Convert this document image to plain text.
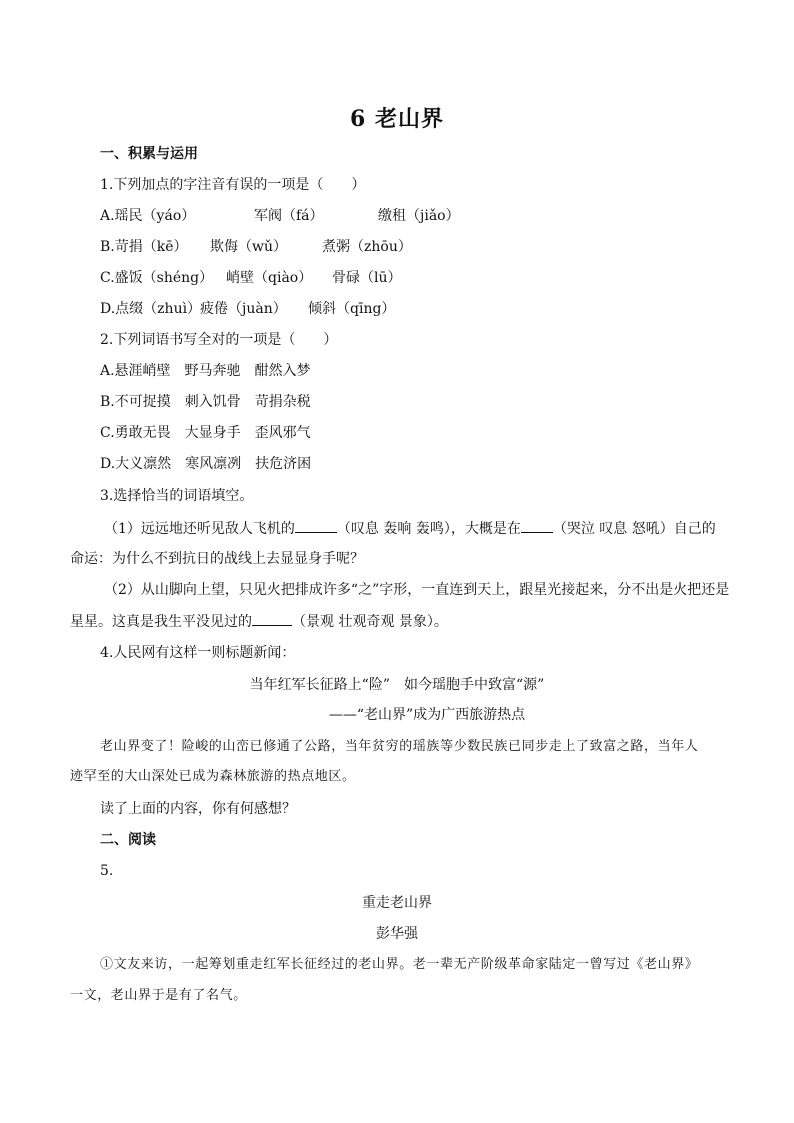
6 老山界
一、积累与运用
1.下列加点的字注音有误的一项是（　　）
A.瑶民（yáo）	军阀（fá）	缴租（jiǎo）
B.苛捐（kē） 欺侮（wǔ）	煮粥（zhōu）
C.盛饭（shéng） 峭壁（qiào） 骨碌（lū）
D.点缀（zhuì）疲倦（juàn） 倾斜（qīng）
2.下列词语书写全对的一项是（　　）
A.悬涯峭壁　野马奔驰　酣然入梦
B.不可捉摸　刺入饥骨　苛捐杂税
C.勇敢无畏　大显身手　歪风邪气
D.大义凛然　寒风凛冽　扶危济困
3.选择恰当的词语填空。
（1）远远地还听见敌人飞机的	（叹息 轰响 轰鸣），大概是在 （哭泣 叹息 怒吼）自己的
命运：为什么不到抗日的战线上去显显身手呢？
（2）从山脚向上望，只见火把排成许多“之”字形，一直连到天上，跟星光接起来，分不出是火把还是
星星。这真是我生平没见过的	（景观 壮观奇观 景象）。
4.人民网有这样一则标题新闻：
当年红军长征路上“险”　如今瑶胞手中致富“源”
——“老山界”成为广西旅游热点
老山界变了！险峻的山峦已修通了公路，当年贫穷的瑶族等少数民族已同步走上了致富之路，当年人
迹罕至的大山深处已成为森林旅游的热点地区。
读了上面的内容，你有何感想？
二、阅读
5.
重走老山界
彭华强
①文友来访，一起筹划重走红军长征经过的老山界。老一辈无产阶级革命家陆定一曾写过《老山界》
一文，老山界于是有了名气。
